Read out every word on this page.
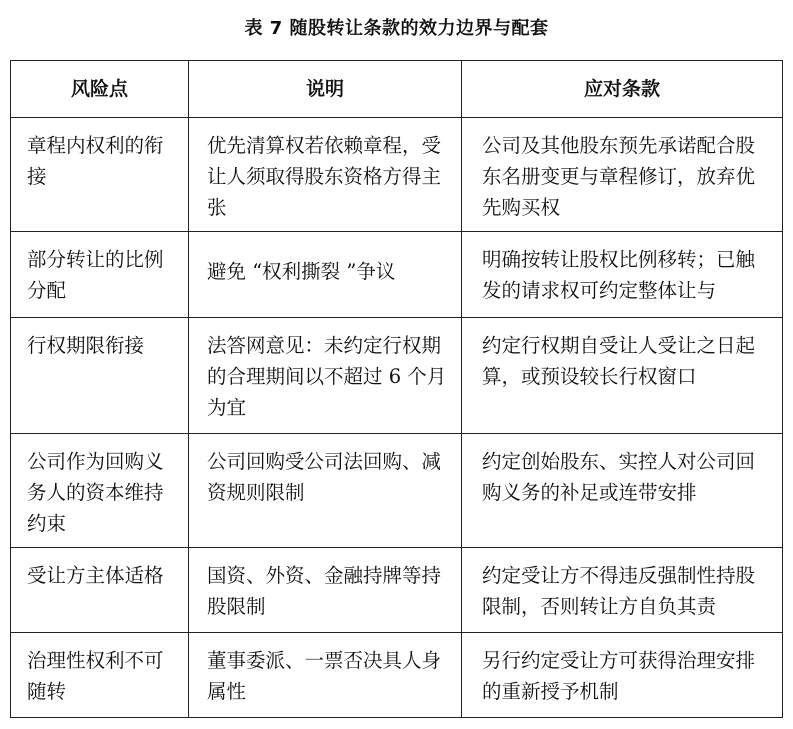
表 7 随股转让条款的效力边界与配套
风险点	说明	应对条款
章程内权利的衔接	优先清算权若依赖章程，受让人须取得股东资格方得主张	公司及其他股东预先承诺配合股东名册变更与章程修订，放弃优先购买权
部分转让的比例分配	避免 “权利撕裂 ”争议	明确按转让股权比例移转；已触发的请求权可约定整体让与
行权期限衔接	法答网意见：未约定行权期的合理期间以不超过 6 个月为宜	约定行权期自受让人受让之日起算，或预设较长行权窗口
公司作为回购义务人的资本维持约束	公司回购受公司法回购、减资规则限制	约定创始股东、实控人对公司回购义务的补足或连带安排
受让方主体适格	国资、外资、金融持牌等持股限制	约定受让方不得违反强制性持股限制，否则转让方自负其责
治理性权利不可随转	董事委派、一票否决具人身属性	另行约定受让方可获得治理安排的重新授予机制
